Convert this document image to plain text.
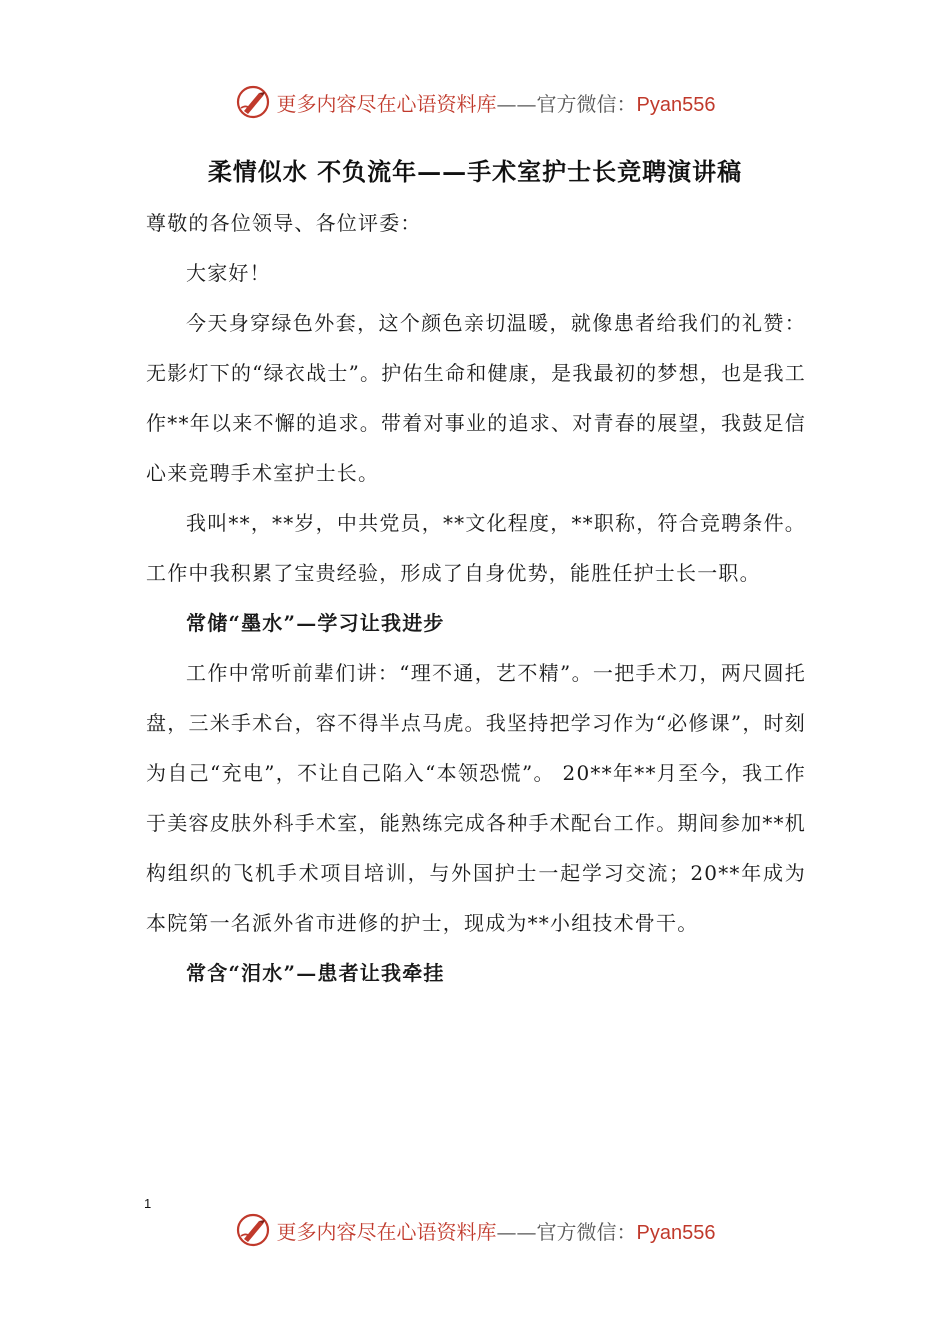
更多内容尽在心语资料库——官方微信：Pyan556
柔情似水 不负流年——手术室护士长竞聘演讲稿

尊敬的各位领导、各位评委：

大家好！

今天身穿绿色外套，这个颜色亲切温暖，就像患者给我们的礼赞：无影灯下的“绿衣战士”。护佑生命和健康，是我最初的梦想，也是我工作**年以来不懈的追求。带着对事业的追求、对青春的展望，我鼓足信心来竞聘手术室护士长。

我叫**，**岁，中共党员，**文化程度，**职称，符合竞聘条件。工作中我积累了宝贵经验，形成了自身优势，能胜任护士长一职。

常储“墨水”—学习让我进步

工作中常听前辈们讲：“理不通，艺不精”。一把手术刀，两尺圆托盘，三米手术台，容不得半点马虎。我坚持把学习作为“必修课”，时刻为自己“充电”，不让自己陷入“本领恐慌”。 20**年**月至今，我工作于美容皮肤外科手术室，能熟练完成各种手术配台工作。期间参加**机构组织的飞机手术项目培训，与外国护士一起学习交流；20**年成为本院第一名派外省市进修的护士，现成为**小组技术骨干。

常含“泪水”—患者让我牵挂

1
更多内容尽在心语资料库——官方微信：Pyan556
